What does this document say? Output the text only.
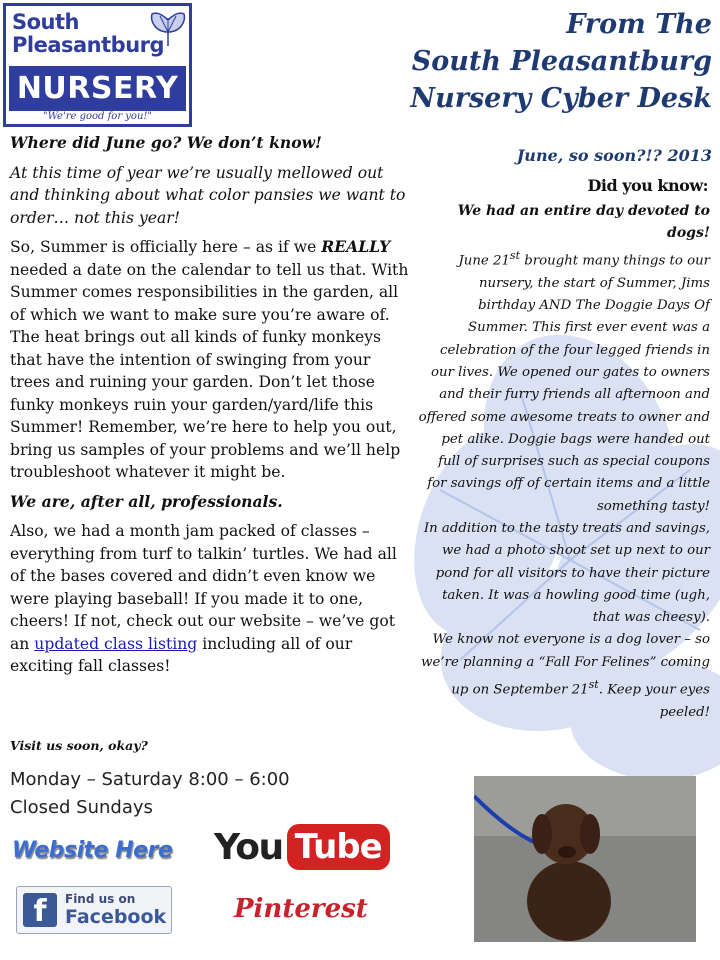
South
Pleasantburg
NURSERY
"We're good for you!"
From The
South Pleasantburg
Nursery Cyber Desk

Where did June go? We don’t know!

At this time of year we’re usually mellowed out and thinking about what color pansies we want to order… not this year!

So, Summer is officially here – as if we REALLY needed a date on the calendar to tell us that. With Summer comes responsibilities in the garden, all of which we want to make sure you’re aware of. The heat brings out all kinds of funky monkeys that have the intention of swinging from your trees and ruining your garden. Don’t let those funky monkeys ruin your garden/yard/life this Summer! Remember, we’re here to help you out, bring us samples of your problems and we’ll help troubleshoot whatever it might be.

We are, after all, professionals.

Also, we had a month jam packed of classes – everything from turf to talkin’ turtles. We had all of the bases covered and didn’t even know we were playing baseball! If you made it to one, cheers! If not, check out our website – we’ve got an updated class listing including all of our exciting fall classes!

Visit us soon, okay?
Monday – Saturday 8:00 – 6:00
Closed Sundays
Website Here You Tube
f	Find us on
Facebook	Pinterest
June, so soon?!? 2013
Did you know:
We had an entire day devoted to dogs!

June 21st brought many things to our nursery, the start of Summer, Jims birthday AND The Doggie Days Of Summer. This first ever event was a celebration of the four legged friends in our lives. We opened our gates to owners and their furry friends all afternoon and offered some awesome treats to owner and pet alike. Doggie bags were handed out full of surprises such as special coupons for savings off of certain items and a little something tasty!

In addition to the tasty treats and savings, we had a photo shoot set up next to our pond for all visitors to have their picture taken. It was a howling good time (ugh, that was cheesy).

We know not everyone is a dog lover – so we’re planning a “Fall For Felines” coming up on September 21st. Keep your eyes peeled!
